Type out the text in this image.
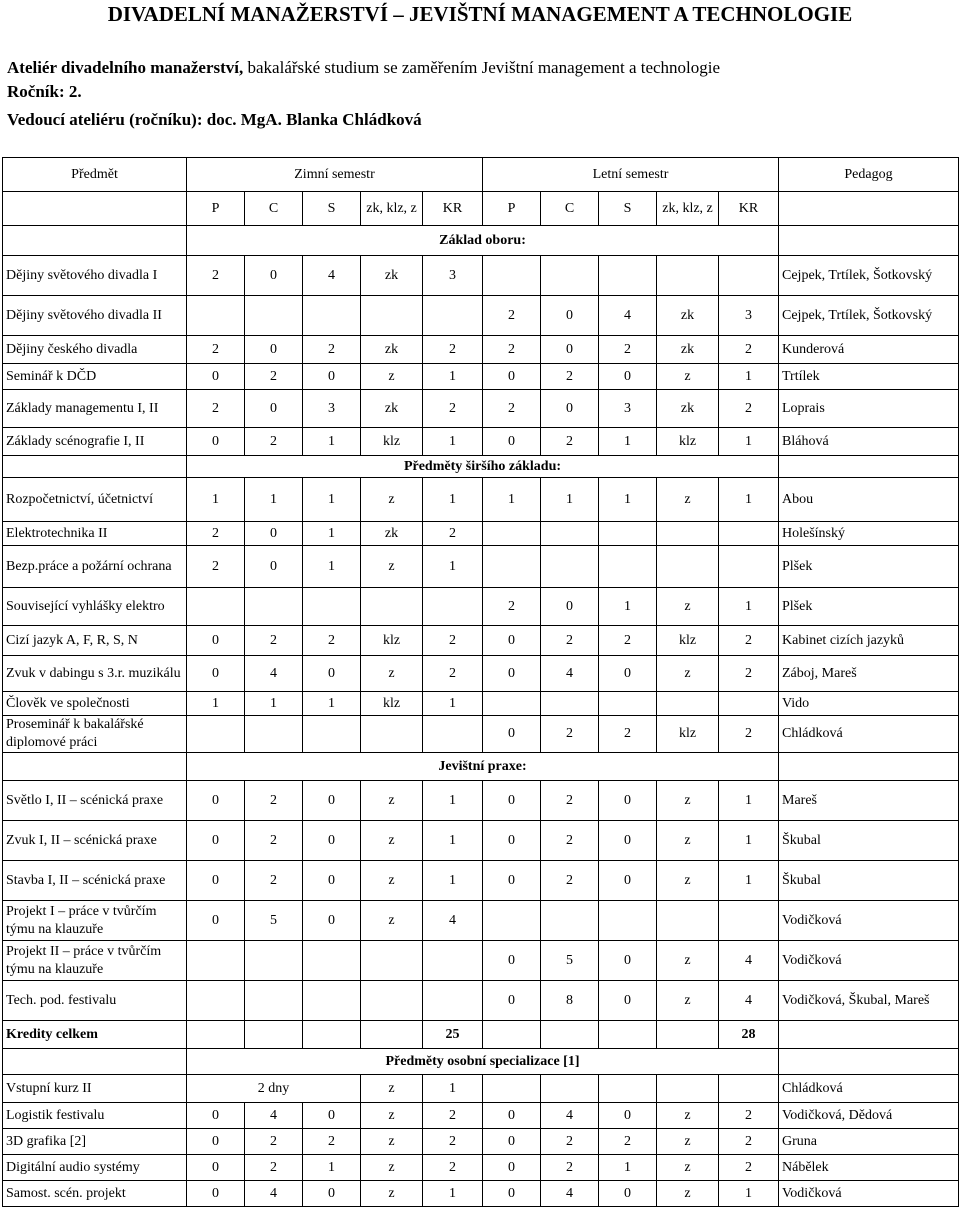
DIVADELNÍ MANAŽERSTVÍ – JEVIŠTNÍ MANAGEMENT A TECHNOLOGIE
Ateliér divadelního manažerství, bakalářské studium se zaměřením Jevištní management a technologie
Ročník: 2.
Vedoucí ateliéru (ročníku): doc. MgA. Blanka Chládková
Předmět	Zimní semestr					Letní semestr					Pedagog
	P	C	S	zk, klz, z	KR	P	C	S	zk, klz, z	KR	
	Základ oboru:										
Dějiny světového divadla I	2	0	4	zk	3						Cejpek, Trtílek, Šotkovský
Dějiny světového divadla II						2	0	4	zk	3	Cejpek, Trtílek, Šotkovský
Dějiny českého divadla	2	0	2	zk	2	2	0	2	zk	2	Kunderová
Seminář k DČD	0	2	0	z	1	0	2	0	z	1	Trtílek
Základy managementu I, II	2	0	3	zk	2	2	0	3	zk	2	Loprais
Základy scénografie I, II	0	2	1	klz	1	0	2	1	klz	1	Bláhová
	Předměty širšího základu:										
Rozpočetnictví, účetnictví	1	1	1	z	1	1	1	1	z	1	Abou
Elektrotechnika II	2	0	1	zk	2						Holešínský
Bezp.práce a požární ochrana	2	0	1	z	1						Plšek
Související vyhlášky elektro						2	0	1	z	1	Plšek
Cizí jazyk A, F, R, S, N	0	2	2	klz	2	0	2	2	klz	2	Kabinet cizích jazyků
Zvuk v dabingu s 3.r. muzikálu	0	4	0	z	2	0	4	0	z	2	Záboj, Mareš
Člověk ve společnosti	1	1	1	klz	1						Vido
Proseminář k bakalářské diplomové práci						0	2	2	klz	2	Chládková
	Jevištní praxe:										
Světlo I, II – scénická praxe	0	2	0	z	1	0	2	0	z	1	Mareš
Zvuk I, II – scénická praxe	0	2	0	z	1	0	2	0	z	1	Škubal
Stavba I, II – scénická praxe	0	2	0	z	1	0	2	0	z	1	Škubal
Projekt I – práce v tvůrčím týmu na klauzuře	0	5	0	z	4						Vodičková
Projekt II – práce v tvůrčím týmu na klauzuře						0	5	0	z	4	Vodičková
Tech. pod. festivalu						0	8	0	z	4	Vodičková, Škubal, Mareš
Kredity celkem					25					28	
	Předměty osobní specializace [1]										
Vstupní kurz II	2 dny			z	1						Chládková
Logistik festivalu	0	4	0	z	2	0	4	0	z	2	Vodičková, Dědová
3D grafika [2]	0	2	2	z	2	0	2	2	z	2	Gruna
Digitální audio systémy	0	2	1	z	2	0	2	1	z	2	Nábělek
Samost. scén. projekt	0	4	0	z	1	0	4	0	z	1	Vodičková
